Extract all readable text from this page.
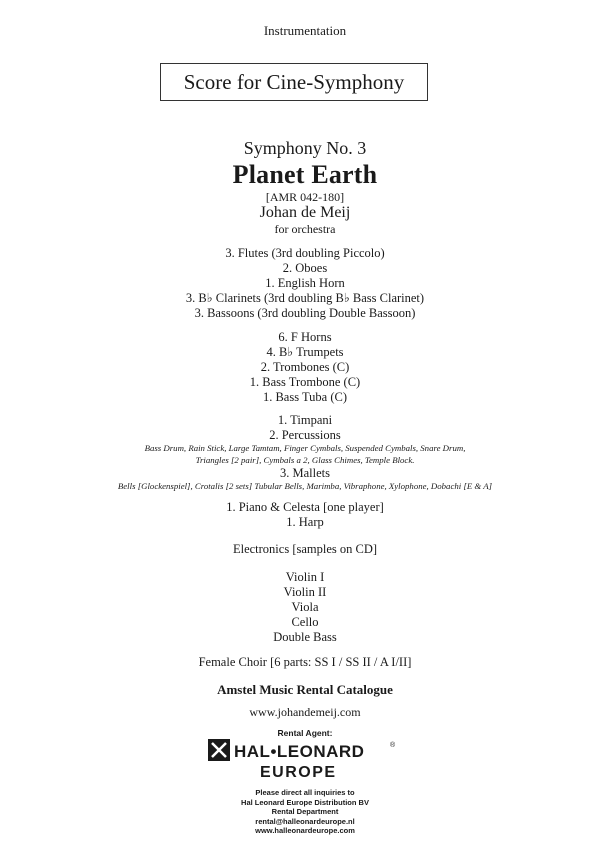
Instrumentation
Score for Cine-Symphony
Symphony No. 3
Planet Earth
[AMR 042-180]
Johan de Meij
for orchestra
3. Flutes (3rd doubling Piccolo)
2. Oboes
1. English Horn
3. B♭ Clarinets (3rd doubling B♭ Bass Clarinet)
3. Bassoons (3rd doubling Double Bassoon)
6. F Horns
4. B♭ Trumpets
2. Trombones (C)
1. Bass Trombone (C)
1. Bass Tuba (C)
1. Timpani
2. Percussions
Bass Drum, Rain Stick, Large Tamtam, Finger Cymbals, Suspended Cymbals, Snare Drum,
Triangles [2 pair], Cymbals a 2, Glass Chimes, Temple Block.
3. Mallets
Bells [Glockenspiel], Crotalis [2 sets] Tubular Bells, Marimba, Vibraphone, Xylophone, Dobachi [E & A]
1. Piano & Celesta [one player]
1. Harp
Electronics [samples on CD]
Violin I
Violin II
Viola
Cello
Double Bass
Female Choir [6 parts: SS I / SS II / A I/II]
Amstel Music Rental Catalogue
www.johandemeij.com
Rental Agent:
HAL•LEONARD	®
EUROPE
Please direct all inquiries to
Hal Leonard Europe Distribution BV
Rental Department
rental@halleonardeurope.nl
www.halleonardeurope.com
